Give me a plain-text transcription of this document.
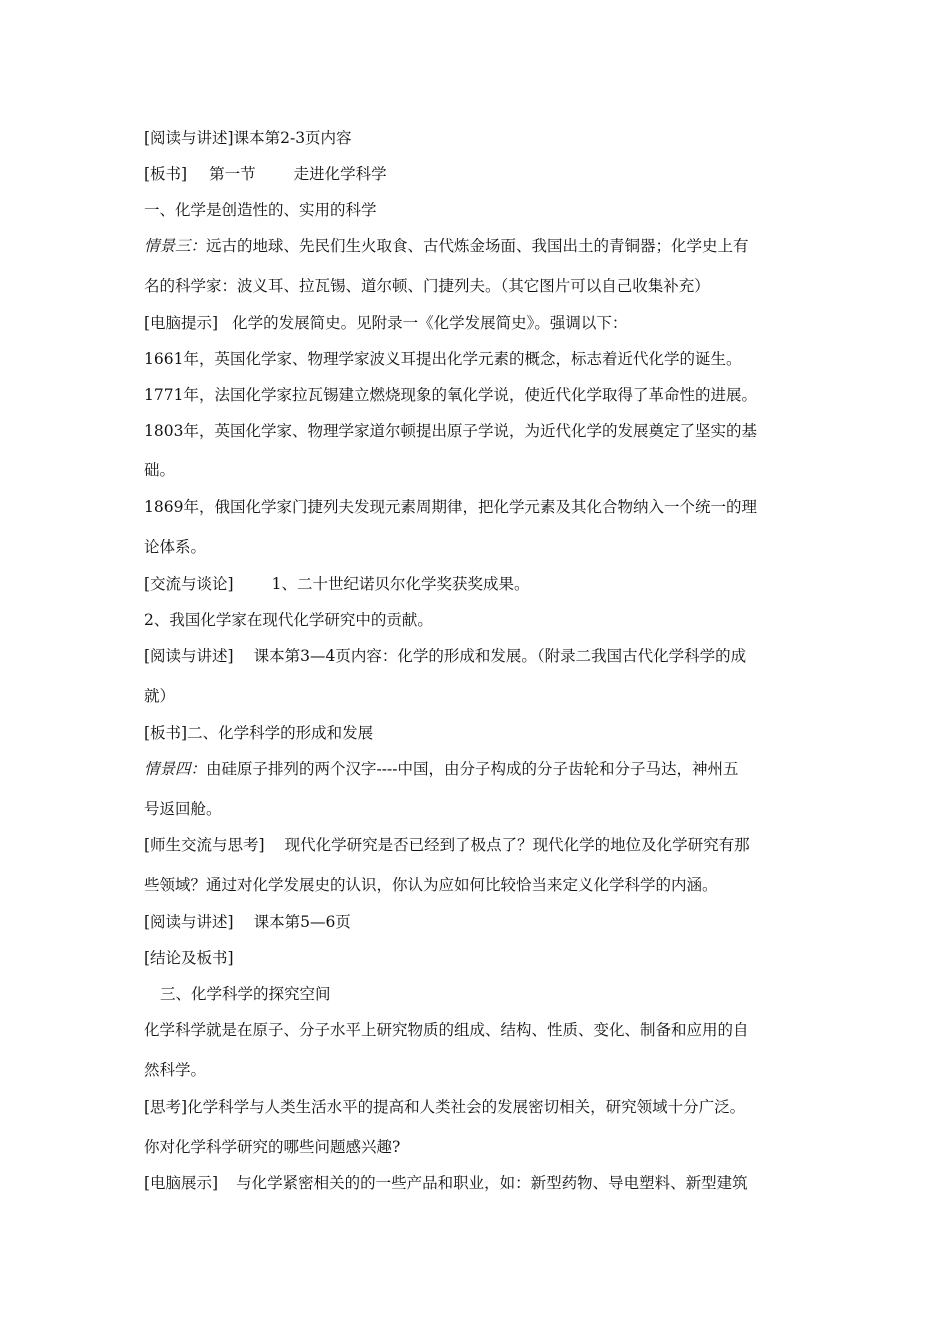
[阅读与讲述]课本第2-3页内容
[板书] 第一节 走进化学科学
一、化学是创造性的、实用的科学
情景三：远古的地球、先民们生火取食、古代炼金场面、我国出土的青铜器；化学史上有
名的科学家：波义耳、拉瓦锡、道尔顿、门捷列夫。（其它图片可以自己收集补充）
[电脑提示] 化学的发展简史。见附录一《化学发展简史》。强调以下：
1661年，英国化学家、物理学家波义耳提出化学元素的概念，标志着近代化学的诞生。
1771年，法国化学家拉瓦锡建立燃烧现象的氧化学说，使近代化学取得了革命性的进展。
1803年，英国化学家、物理学家道尔顿提出原子学说，为近代化学的发展奠定了坚实的基
础。
1869年，俄国化学家门捷列夫发现元素周期律，把化学元素及其化合物纳入一个统一的理
论体系。
[交流与谈论] 1、二十世纪诺贝尔化学奖获奖成果。
2、我国化学家在现代化学研究中的贡献。
[阅读与讲述] 课本第3—4页内容：化学的形成和发展。（附录二我国古代化学科学的成
就）
[板书]二、化学科学的形成和发展
情景四：由硅原子排列的两个汉字----中国，由分子构成的分子齿轮和分子马达，神州五
号返回舱。
[师生交流与思考] 现代化学研究是否已经到了极点了？现代化学的地位及化学研究有那
些领域？通过对化学发展史的认识，你认为应如何比较恰当来定义化学科学的内涵。
[阅读与讲述] 课本第5—6页
[结论及板书]
三、化学科学的探究空间
化学科学就是在原子、分子水平上研究物质的组成、结构、性质、变化、制备和应用的自
然科学。
[思考]化学科学与人类生活水平的提高和人类社会的发展密切相关，研究领域十分广泛。
你对化学科学研究的哪些问题感兴趣?
[电脑展示] 与化学紧密相关的的一些产品和职业，如：新型药物、导电塑料、新型建筑
